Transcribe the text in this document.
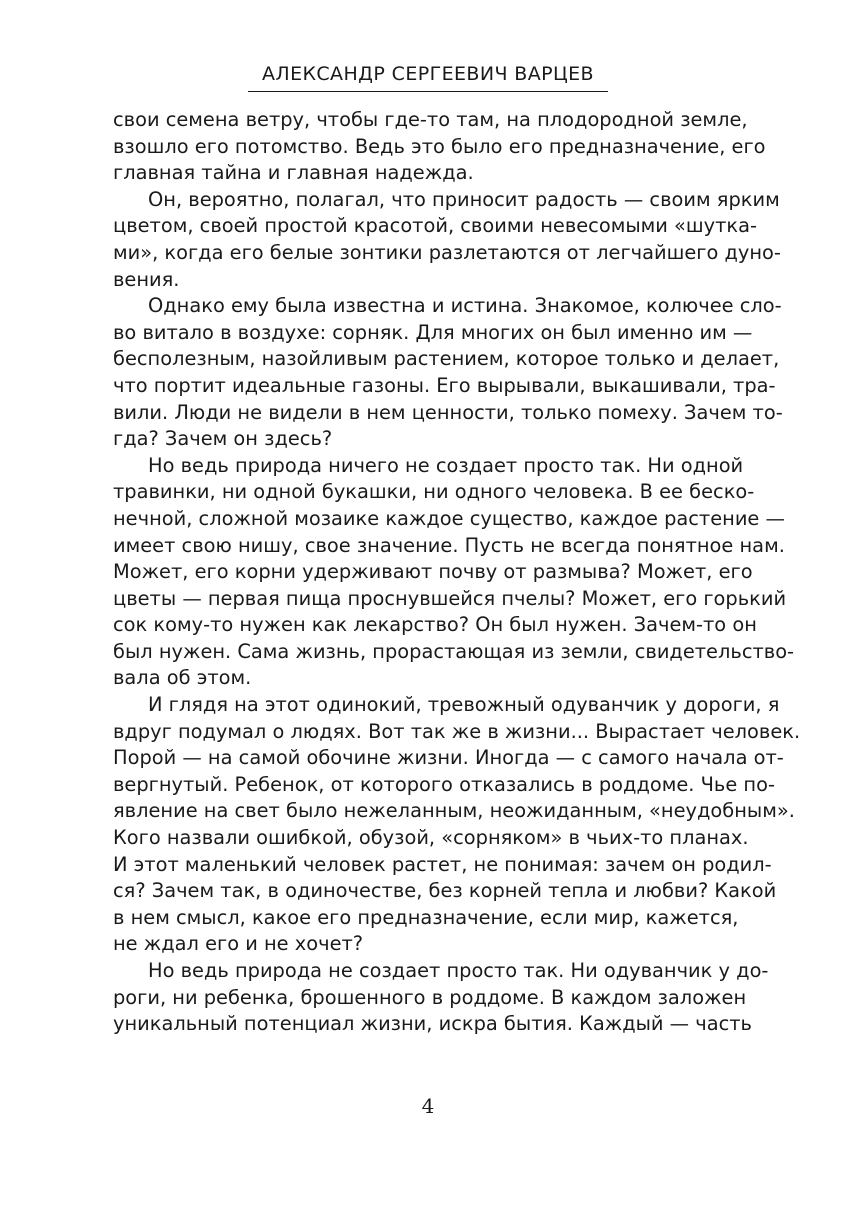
АЛЕКСАНДР СЕРГЕЕВИЧ ВАРЦЕВ
свои семена ветру, чтобы где-то там, на плодородной земле,
взошло его потомство. Ведь это было его предназначение, его
главная тайна и главная надежда.
Он, вероятно, полагал, что приносит радость — своим ярким
цветом, своей простой красотой, своими невесомыми «шутка-
ми», когда его белые зонтики разлетаются от легчайшего дуно-
вения.
Однако ему была известна и истина. Знакомое, колючее сло-
во витало в воздухе: сорняк. Для многих он был именно им —
бесполезным, назойливым растением, которое только и делает,
что портит идеальные газоны. Его вырывали, выкашивали, тра-
вили. Люди не видели в нем ценности, только помеху. Зачем то-
гда? Зачем он здесь?
Но ведь природа ничего не создает просто так. Ни одной
травинки, ни одной букашки, ни одного человека. В ее беско-
нечной, сложной мозаике каждое существо, каждое растение —
имеет свою нишу, свое значение. Пусть не всегда понятное нам.
Может, его корни удерживают почву от размыва? Может, его
цветы — первая пища проснувшейся пчелы? Может, его горький
сок кому-то нужен как лекарство? Он был нужен. Зачем-то он
был нужен. Сама жизнь, прорастающая из земли, свидетельство-
вала об этом.
И глядя на этот одинокий, тревожный одуванчик у дороги, я
вдруг подумал о людях. Вот так же в жизни... Вырастает человек.
Порой — на самой обочине жизни. Иногда — с самого начала от-
вергнутый. Ребенок, от которого отказались в роддоме. Чье по-
явление на свет было нежеланным, неожиданным, «неудобным».
Кого назвали ошибкой, обузой, «сорняком» в чьих-то планах.
И этот маленький человек растет, не понимая: зачем он родил-
ся? Зачем так, в одиночестве, без корней тепла и любви? Какой
в нем смысл, какое его предназначение, если мир, кажется,
не ждал его и не хочет?
Но ведь природа не создает просто так. Ни одуванчик у до-
роги, ни ребенка, брошенного в роддоме. В каждом заложен
уникальный потенциал жизни, искра бытия. Каждый — часть
4
